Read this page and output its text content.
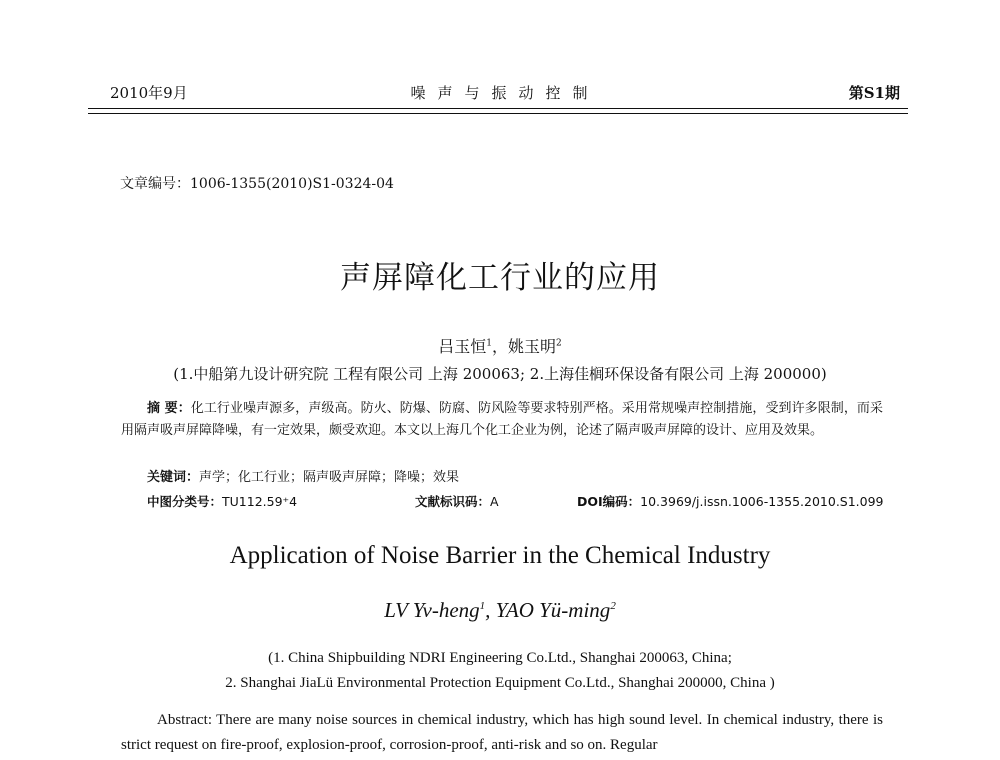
2010年9月	噪声与振动控制	第S1期
文章编号：1006-1355(2010)S1-0324-04
声屏障化工行业的应用
吕玉恒$^1$，姚玉明$^2$
(1.中船第九设计研究院 工程有限公司 上海 200063; 2.上海佳榈环保设备有限公司 上海 200000)
摘 要：化工行业噪声源多，声级高。防火、防爆、防腐、防风险等要求特别严格。采用常规噪声控制措施，受到许多限制，而采用隔声吸声屏障降噪，有一定效果，颇受欢迎。本文以上海几个化工企业为例，论述了隔声吸声屏障的设计、应用及效果。
关键词：声学；化工行业；隔声吸声屏障；降噪；效果
中图分类号：TU112.59⁺4	文献标识码：A	DOI编码：10.3969/j.issn.1006-1355.2010.S1.099
Application of Noise Barrier in the Chemical Industry
LV Yv-heng$^1$, YAO Yü-ming$^2$
(1. China Shipbuilding NDRI Engineering Co.Ltd., Shanghai 200063, China;
2. Shanghai JiaLü Environmental Protection Equipment Co.Ltd., Shanghai 200000, China )
Abstract: There are many noise sources in chemical industry, which has high sound level. In chemical industry, there is strict request on fire-proof, explosion-proof, corrosion-proof, anti-risk and so on. Regular
